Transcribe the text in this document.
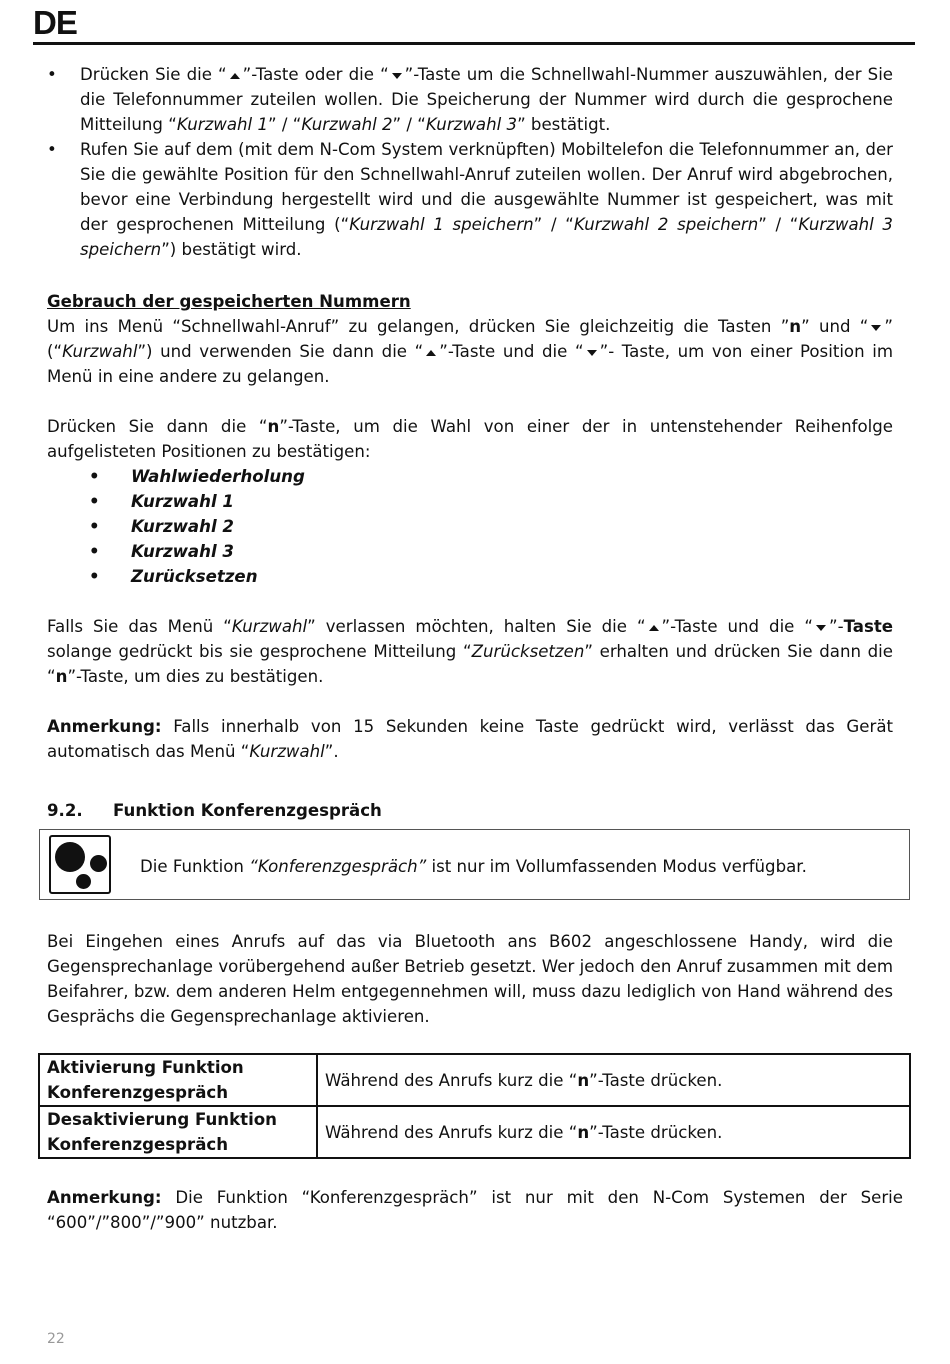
DE
• Drücken Sie die “ ”-Taste oder die “ ”-Taste um die Schnellwahl-Nummer auszuwählen, der Sie die Telefonnummer zuteilen wollen. Die Speicherung der Nummer wird durch die gesprochene Mitteilung “Kurzwahl 1” / “Kurzwahl 2” / “Kurzwahl 3” bestätigt.
• Rufen Sie auf dem (mit dem N-Com System verknüpften) Mobiltelefon die Telefonnummer an, der Sie die gewählte Position für den Schnellwahl-Anruf zuteilen wollen. Der Anruf wird abgebrochen, bevor eine Verbindung hergestellt wird und die ausgewählte Nummer ist gespeichert, was mit der gesprochenen Mitteilung (“Kurzwahl 1 speichern” / “Kurzwahl 2 speichern” / “Kurzwahl 3 speichern”) bestätigt wird.
Gebrauch der gespeicherten Nummern
Um ins Menü “Schnellwahl-Anruf” zu gelangen, drücken Sie gleichzeitig die Tasten ”n” und “ ” (“Kurzwahl”) und verwenden Sie dann die “ ”-Taste und die “ ”- Taste, um von einer Position im Menü in eine andere zu gelangen.
Drücken Sie dann die “n”-Taste, um die Wahl von einer der in untenstehender Reihenfolge aufgelisteten Positionen zu bestätigen:
• Wahlwiederholung
• Kurzwahl 1
• Kurzwahl 2
• Kurzwahl 3
• Zurücksetzen
Falls Sie das Menü “Kurzwahl” verlassen möchten, halten Sie die “ ”-Taste und die “ ”-Taste solange gedrückt bis sie gesprochene Mitteilung “Zurücksetzen” erhalten und drücken Sie dann die “n”-Taste, um dies zu bestätigen.
Anmerkung: Falls innerhalb von 15 Sekunden keine Taste gedrückt wird, verlässt das Gerät automatisch das Menü “Kurzwahl”.
9.2. Funktion Konferenzgespräch
Die Funktion “Konferenzgespräch” ist nur im Vollumfassenden Modus verfügbar.
Bei Eingehen eines Anrufs auf das via Bluetooth ans B602 angeschlossene Handy, wird die Gegensprechanlage vorübergehend außer Betrieb gesetzt. Wer jedoch den Anruf zusammen mit dem Beifahrer, bzw. dem anderen Helm entgegennehmen will, muss dazu lediglich von Hand während des Gesprächs die Gegensprechanlage aktivieren.
Aktivierung Funktion
Konferenzgespräch	Während des Anrufs kurz die “n”-Taste drücken.
Desaktivierung Funktion
Konferenzgespräch	Während des Anrufs kurz die “n”-Taste drücken.
Anmerkung: Die Funktion “Konferenzgespräch” ist nur mit den N-Com Systemen der Serie “600”/”800”/”900” nutzbar.
22
